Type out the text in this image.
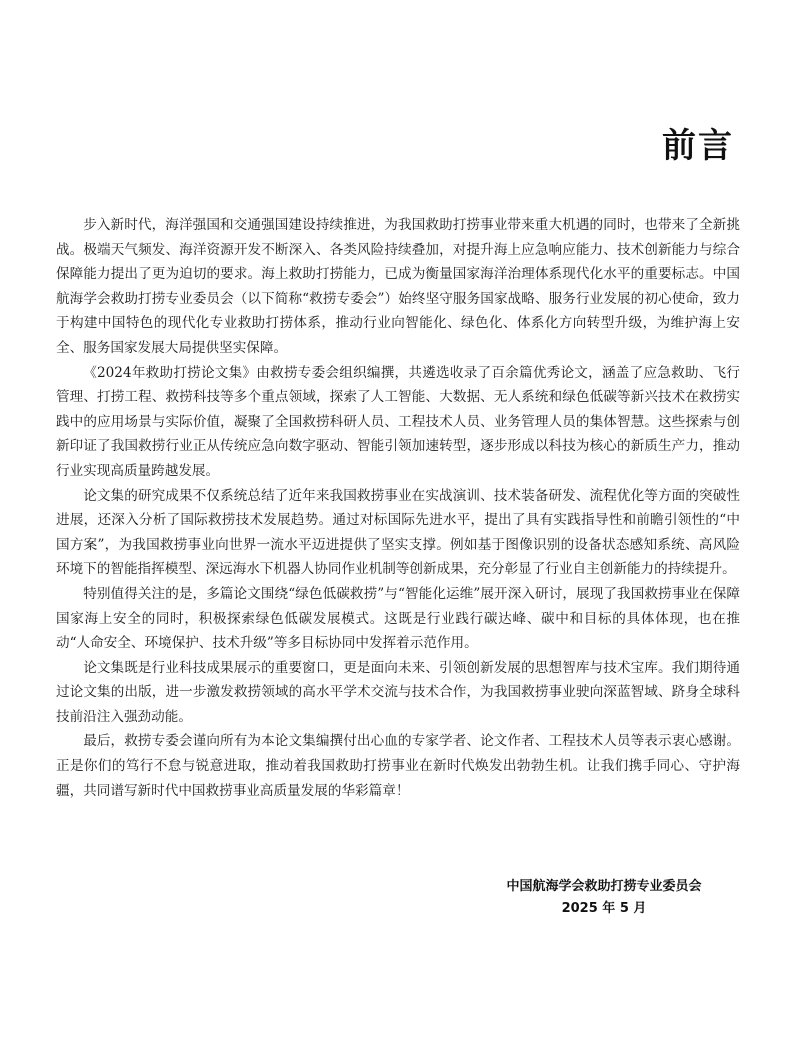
前言

步入新时代，海洋强国和交通强国建设持续推进，为我国救助打捞事业带来重大机遇的同时，也带来了全新挑战。极端天气频发、海洋资源开发不断深入、各类风险持续叠加，对提升海上应急响应能力、技术创新能力与综合保障能力提出了更为迫切的要求。海上救助打捞能力，已成为衡量国家海洋治理体系现代化水平的重要标志。中国航海学会救助打捞专业委员会（以下简称“救捞专委会”）始终坚守服务国家战略、服务行业发展的初心使命，致力于构建中国特色的现代化专业救助打捞体系，推动行业向智能化、绿色化、体系化方向转型升级，为维护海上安全、服务国家发展大局提供坚实保障。

《2024年救助打捞论文集》由救捞专委会组织编撰，共遴选收录了百余篇优秀论文，涵盖了应急救助、飞行管理、打捞工程、救捞科技等多个重点领域，探索了人工智能、大数据、无人系统和绿色低碳等新兴技术在救捞实践中的应用场景与实际价值，凝聚了全国救捞科研人员、工程技术人员、业务管理人员的集体智慧。这些探索与创新印证了我国救捞行业正从传统应急向数字驱动、智能引领加速转型，逐步形成以科技为核心的新质生产力，推动行业实现高质量跨越发展。

论文集的研究成果不仅系统总结了近年来我国救捞事业在实战演训、技术装备研发、流程优化等方面的突破性进展，还深入分析了国际救捞技术发展趋势。通过对标国际先进水平，提出了具有实践指导性和前瞻引领性的“中国方案”，为我国救捞事业向世界一流水平迈进提供了坚实支撑。例如基于图像识别的设备状态感知系统、高风险环境下的智能指挥模型、深远海水下机器人协同作业机制等创新成果，充分彰显了行业自主创新能力的持续提升。

特别值得关注的是，多篇论文围绕“绿色低碳救捞”与“智能化运维”展开深入研讨，展现了我国救捞事业在保障国家海上安全的同时，积极探索绿色低碳发展模式。这既是行业践行碳达峰、碳中和目标的具体体现，也在推动“人命安全、环境保护、技术升级”等多目标协同中发挥着示范作用。

论文集既是行业科技成果展示的重要窗口，更是面向未来、引领创新发展的思想智库与技术宝库。我们期待通过论文集的出版，进一步激发救捞领域的高水平学术交流与技术合作，为我国救捞事业驶向深蓝智域、跻身全球科技前沿注入强劲动能。

最后，救捞专委会谨向所有为本论文集编撰付出心血的专家学者、论文作者、工程技术人员等表示衷心感谢。正是你们的笃行不怠与锐意进取，推动着我国救助打捞事业在新时代焕发出勃勃生机。让我们携手同心、守护海疆，共同谱写新时代中国救捞事业高质量发展的华彩篇章！

中国航海学会救助打捞专业委员会
2025 年 5 月
